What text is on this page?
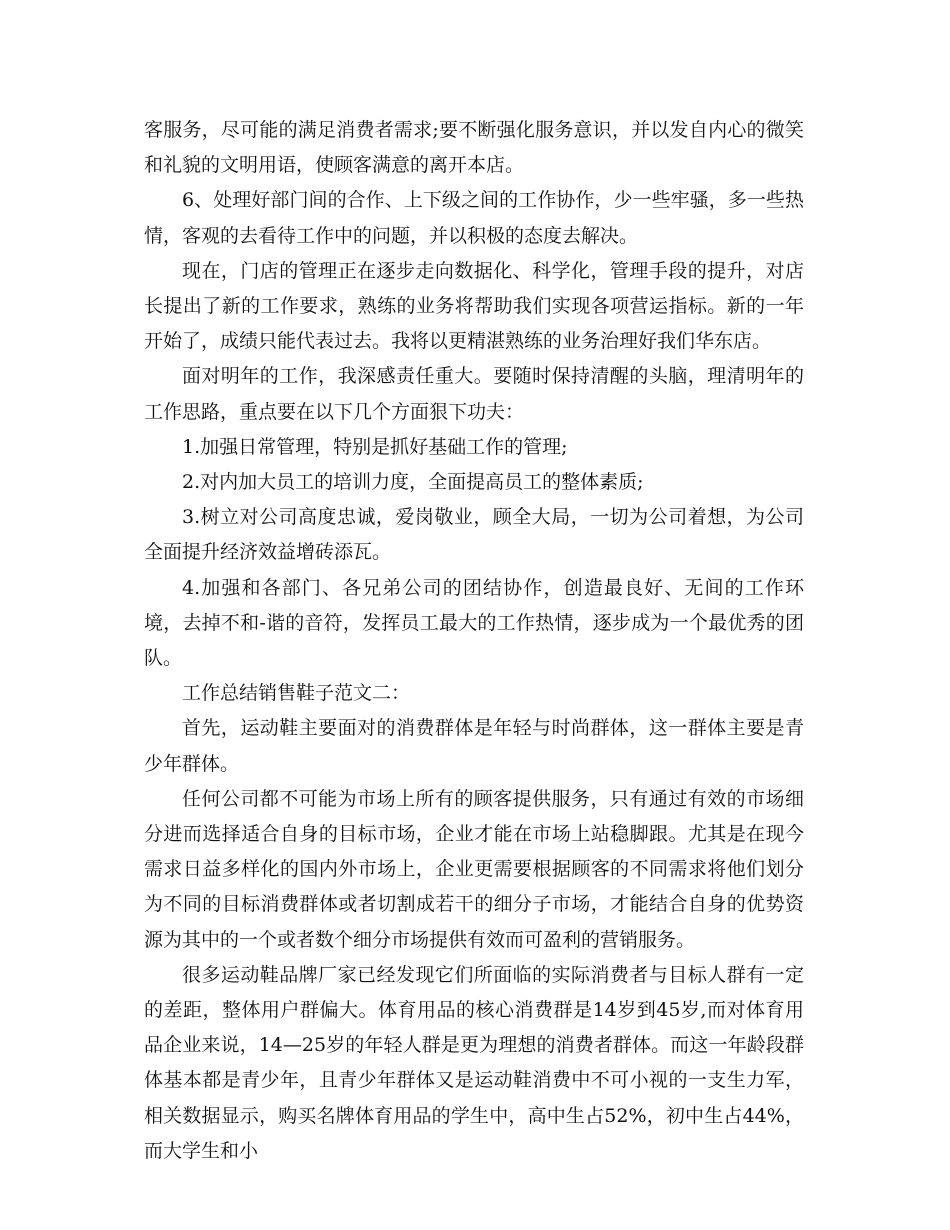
客服务，尽可能的满足消费者需求;要不断强化服务意识，并以发自内心的微笑和礼貌的文明用语，使顾客满意的离开本店。

6、处理好部门间的合作、上下级之间的工作协作，少一些牢骚，多一些热情，客观的去看待工作中的问题，并以积极的态度去解决。

现在，门店的管理正在逐步走向数据化、科学化，管理手段的提升，对店长提出了新的工作要求，熟练的业务将帮助我们实现各项营运指标。新的一年开始了，成绩只能代表过去。我将以更精湛熟练的业务治理好我们华东店。

面对明年的工作，我深感责任重大。要随时保持清醒的头脑，理清明年的工作思路，重点要在以下几个方面狠下功夫：

1.加强日常管理，特别是抓好基础工作的管理;

2.对内加大员工的培训力度，全面提高员工的整体素质;

3.树立对公司高度忠诚，爱岗敬业，顾全大局，一切为公司着想，为公司全面提升经济效益增砖添瓦。

4.加强和各部门、各兄弟公司的团结协作，创造最良好、无间的工作环境，去掉不和-谐的音符，发挥员工最大的工作热情，逐步成为一个最优秀的团队。

工作总结销售鞋子范文二：

首先，运动鞋主要面对的消费群体是年轻与时尚群体，这一群体主要是青少年群体。

任何公司都不可能为市场上所有的顾客提供服务，只有通过有效的市场细分进而选择适合自身的目标市场，企业才能在市场上站稳脚跟。尤其是在现今需求日益多样化的国内外市场上，企业更需要根据顾客的不同需求将他们划分为不同的目标消费群体或者切割成若干的细分子市场，才能结合自身的优势资源为其中的一个或者数个细分市场提供有效而可盈利的营销服务。

很多运动鞋品牌厂家已经发现它们所面临的实际消费者与目标人群有一定的差距，整体用户群偏大。体育用品的核心消费群是14岁到45岁,而对体育用品企业来说，14—25岁的年轻人群是更为理想的消费者群体。而这一年龄段群体基本都是青少年，且青少年群体又是运动鞋消费中不可小视的一支生力军，相关数据显示，购买名牌体育用品的学生中，高中生占52%，初中生占44%，而大学生和小
